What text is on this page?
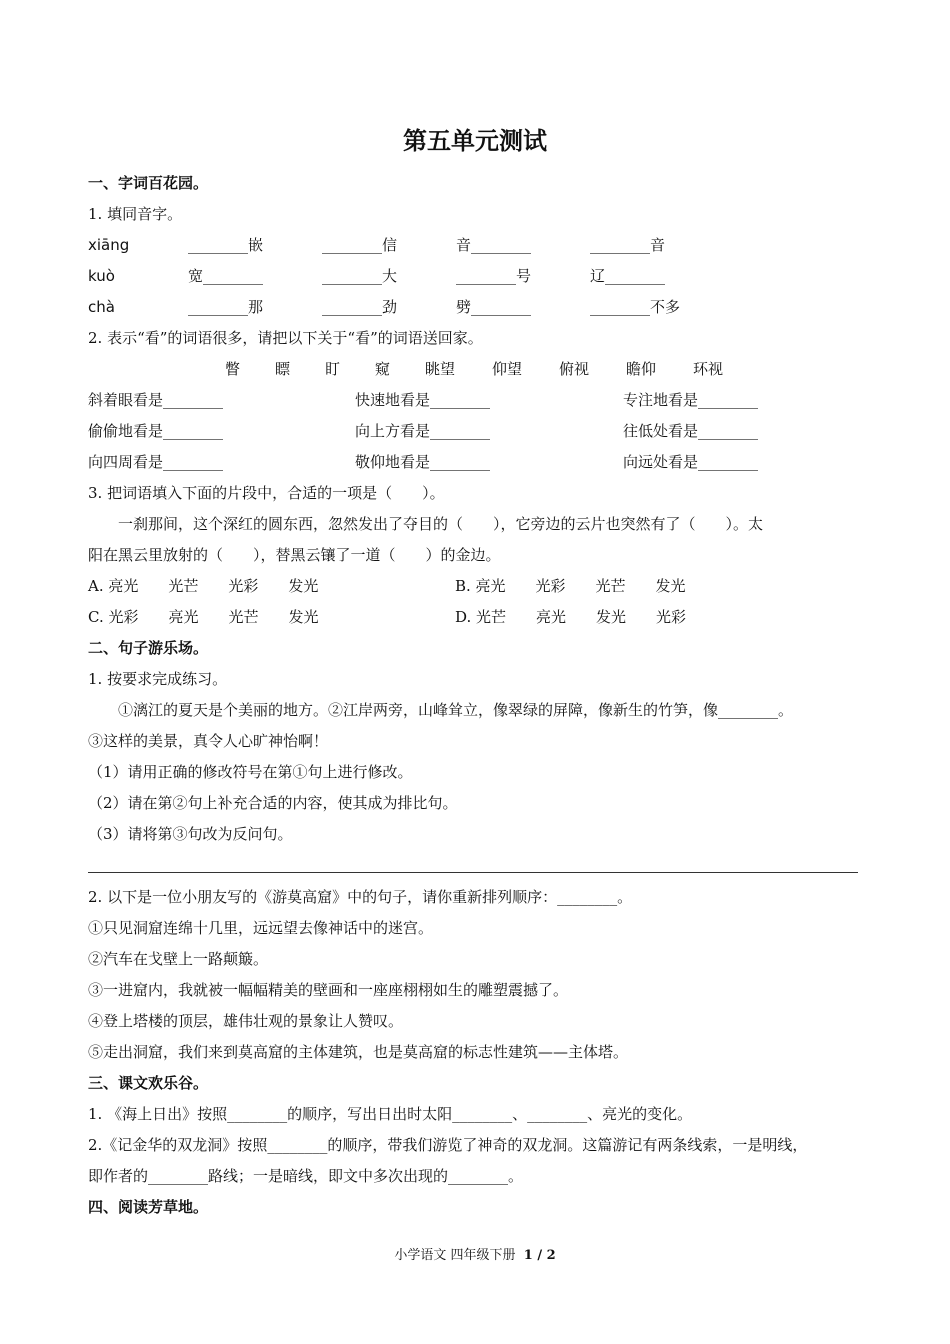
第五单元测试
一、字词百花园。
1. 填同音字。
xiāng	________嵌	________信	音________	________音
kuò	宽________	________大	________号	辽________
chà	________那	________劲	劈________	________不多
2. 表示“看”的词语很多，请把以下关于“看”的词语送回家。
瞥 瞟 盯 窥 眺望 仰望 俯视 瞻仰 环视
斜着眼看是________	快速地看是________	专注地看是________
偷偷地看是________	向上方看是________	往低处看是________
向四周看是________	敬仰地看是________	向远处看是________
3. 把词语填入下面的片段中，合适的一项是（　　）。
一刹那间，这个深红的圆东西，忽然发出了夺目的（　　），它旁边的云片也突然有了（　　）。太
阳在黑云里放射的（　　），替黑云镶了一道（　　）的金边。
A. 亮光　　光芒　　光彩　　发光	B. 亮光　　光彩　　光芒　　发光
C. 光彩　　亮光　　光芒　　发光	D. 光芒　　亮光　　发光　　光彩
二、句子游乐场。
1. 按要求完成练习。
①漓江的夏天是个美丽的地方。②江岸两旁，山峰耸立，像翠绿的屏障，像新生的竹笋，像________。
③这样的美景，真令人心旷神怡啊！
（1）请用正确的修改符号在第①句上进行修改。
（2）请在第②句上补充合适的内容，使其成为排比句。
（3）请将第③句改为反问句。
2. 以下是一位小朋友写的《游莫高窟》中的句子，请你重新排列顺序：________。
①只见洞窟连绵十几里，远远望去像神话中的迷宫。
②汽车在戈壁上一路颠簸。
③一进窟内，我就被一幅幅精美的壁画和一座座栩栩如生的雕塑震撼了。
④登上塔楼的顶层，雄伟壮观的景象让人赞叹。
⑤走出洞窟，我们来到莫高窟的主体建筑，也是莫高窟的标志性建筑——主体塔。
三、课文欢乐谷。
1. 《海上日出》按照________的顺序，写出日出时太阳________、________、亮光的变化。
2.《记金华的双龙洞》按照________的顺序，带我们游览了神奇的双龙洞。这篇游记有两条线索，一是明线，
即作者的________路线；一是暗线，即文中多次出现的________。
四、阅读芳草地。
小学语文 四年级下册 1 / 2
